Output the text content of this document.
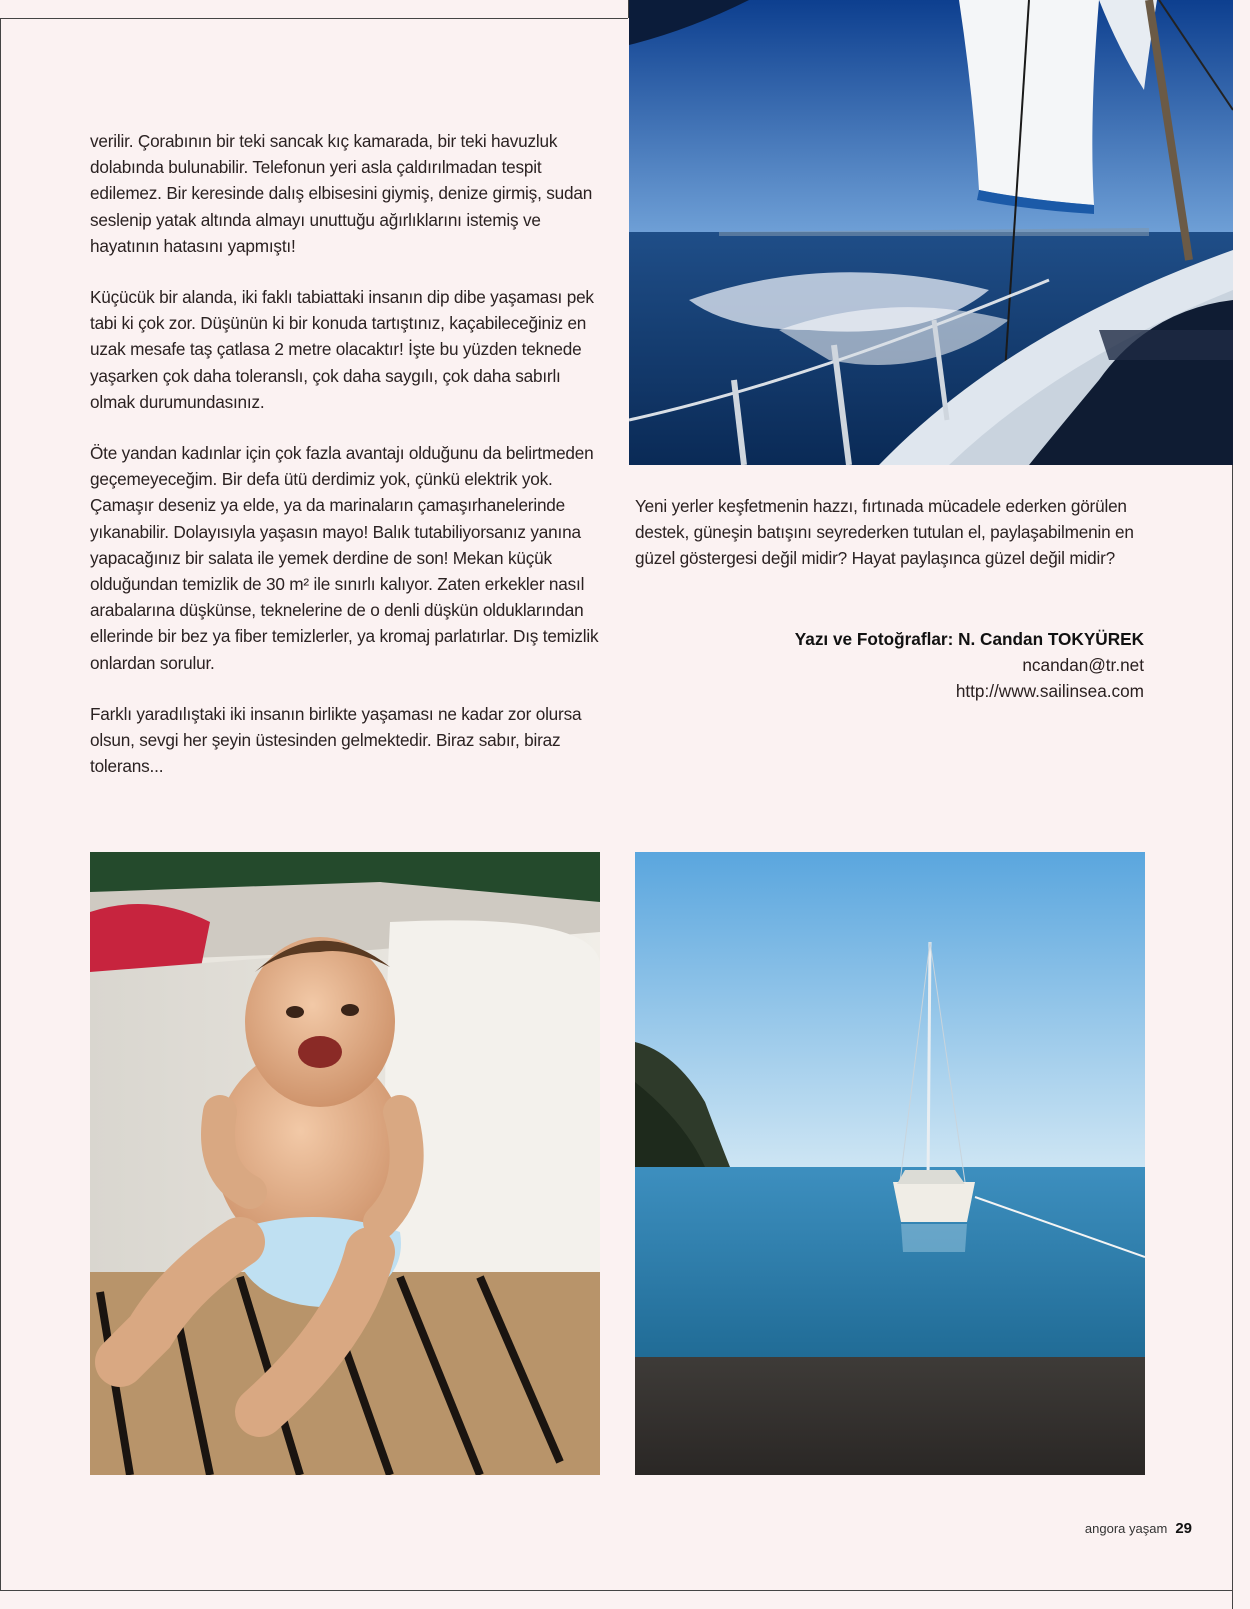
verilir. Çorabının bir teki sancak kıç kamarada, bir teki havuzluk dolabında bulunabilir. Telefonun yeri asla çaldırılmadan tespit edilemez. Bir keresinde dalış elbisesini giymiş, denize girmiş, sudan seslenip yatak altında almayı unuttuğu ağırlıklarını istemiş ve hayatının hatasını yapmıştı!

Küçücük bir alanda, iki faklı tabiattaki insanın dip dibe yaşaması pek tabi ki çok zor. Düşünün ki bir konuda tartıştınız, kaçabileceğiniz en uzak mesafe taş çatlasa 2 metre olacaktır! İşte bu yüzden teknede yaşarken çok daha toleranslı, çok daha saygılı, çok daha sabırlı olmak durumundasınız.

Öte yandan kadınlar için çok fazla avantajı olduğunu da belirtmeden geçemeyeceğim. Bir defa ütü derdimiz yok, çünkü elektrik yok. Çamaşır deseniz ya elde, ya da marinaların çamaşırhanelerinde yıkanabilir. Dolayısıyla yaşasın mayo! Balık tutabiliyorsanız yanına yapacağınız bir salata ile yemek derdine de son! Mekan küçük olduğundan temizlik de 30 m² ile sınırlı kalıyor. Zaten erkekler nasıl arabalarına düşkünse, teknelerine de o denli düşkün olduklarından ellerinde bir bez ya fiber temizlerler, ya kromaj parlatırlar. Dış temizlik onlardan sorulur.

Farklı yaradılıştaki iki insanın birlikte yaşaması ne kadar zor olursa olsun, sevgi her şeyin üstesinden gelmektedir. Biraz sabır, biraz tolerans...

Yeni yerler keşfetmenin hazzı, fırtınada mücadele ederken görülen destek, güneşin batışını seyrederken tutulan el, paylaşabilmenin en güzel göstergesi değil midir? Hayat paylaşınca güzel değil midir?

Yazı ve Fotoğraflar: N. Candan TOKYÜREK
ncandan@tr.net
http://www.sailinsea.com
angora yaşam 29
